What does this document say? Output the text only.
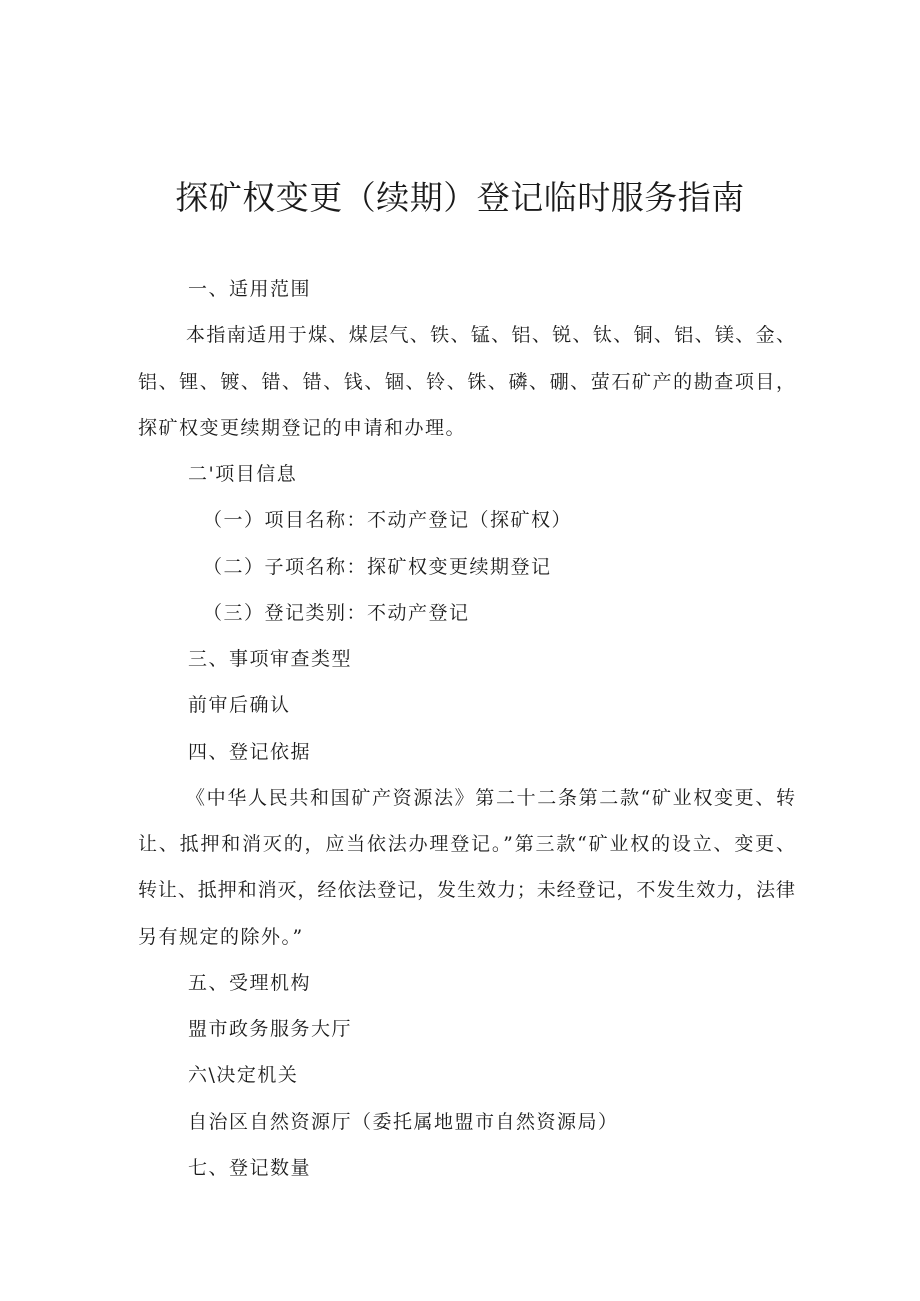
探矿权变更（续期）登记临时服务指南
一、适用范围
本指南适用于煤、煤层气、铁、锰、铝、锐、钛、铜、铝、镁、金、
铝、锂、镀、错、错、钱、锢、铃、铢、磷、硼、萤石矿产的勘查项目，
探矿权变更续期登记的申请和办理。
二'项目信息
（一）项目名称：不动产登记（探矿权）
（二）子项名称：探矿权变更续期登记
（三）登记类别：不动产登记
三、事项审查类型
前审后确认
四、登记依据
《中华人民共和国矿产资源法》第二十二条第二款“矿业权变更、转
让、抵押和消灭的，应当依法办理登记。”第三款“矿业权的设立、变更、
转让、抵押和消灭，经依法登记，发生效力；未经登记，不发生效力，法律
另有规定的除外。”
五、受理机构
盟市政务服务大厅
六\决定机关
自治区自然资源厅（委托属地盟市自然资源局）
七、登记数量
